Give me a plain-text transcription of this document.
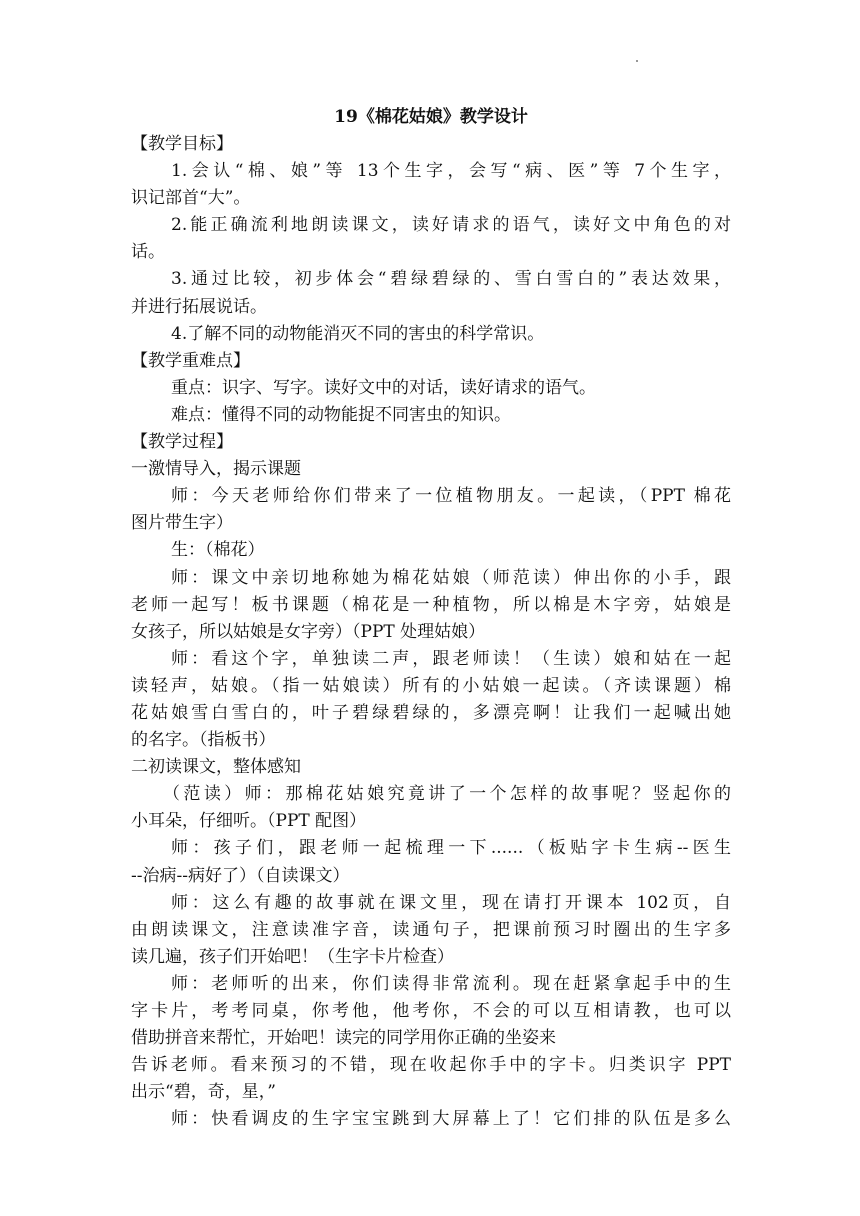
19《棉花姑娘》教学设计
【教学目标】
1.会认“棉、娘”等 13个生字，会写“病、医”等 7个生字，
识记部首“大”。
2.能正确流利地朗读课文，读好请求的语气，读好文中角色的对
话。
3.通过比较，初步体会“碧绿碧绿的、雪白雪白的”表达效果，
并进行拓展说话。
4.了解不同的动物能消灭不同的害虫的科学常识。
【教学重难点】
重点：识字、写字。读好文中的对话，读好请求的语气。
难点：懂得不同的动物能捉不同害虫的知识。
【教学过程】
一激情导入，揭示课题
师：今天老师给你们带来了一位植物朋友。一起读，（PPT 棉花
图片带生字）
生：（棉花）
师：课文中亲切地称她为棉花姑娘（师范读）伸出你的小手，跟
老师一起写！板书课题（棉花是一种植物，所以棉是木字旁，姑娘是
女孩子，所以姑娘是女字旁）（PPT 处理姑娘）
师：看这个字，单独读二声，跟老师读！（生读）娘和姑在一起
读轻声，姑娘。（指一姑娘读）所有的小姑娘一起读。（齐读课题）棉
花姑娘雪白雪白的，叶子碧绿碧绿的，多漂亮啊！让我们一起喊出她
的名字。（指板书）
二初读课文，整体感知
（范读）师：那棉花姑娘究竟讲了一个怎样的故事呢？竖起你的
小耳朵，仔细听。（PPT 配图）
师：孩子们，跟老师一起梳理一下......（板贴字卡生病--医生
--治病--病好了）（自读课文）
师：这么有趣的故事就在课文里，现在请打开课本 102页，自
由朗读课文，注意读准字音，读通句子，把课前预习时圈出的生字多
读几遍，孩子们开始吧！（生字卡片检查）
师：老师听的出来，你们读得非常流利。现在赶紧拿起手中的生
字卡片，考考同桌，你考他，他考你，不会的可以互相请教，也可以
借助拼音来帮忙，开始吧！读完的同学用你正确的坐姿来
告诉老师。看来预习的不错，现在收起你手中的字卡。归类识字 PPT
出示“碧，奇，星，”
师：快看调皮的生字宝宝跳到大屏幕上了！它们排的队伍是多么
